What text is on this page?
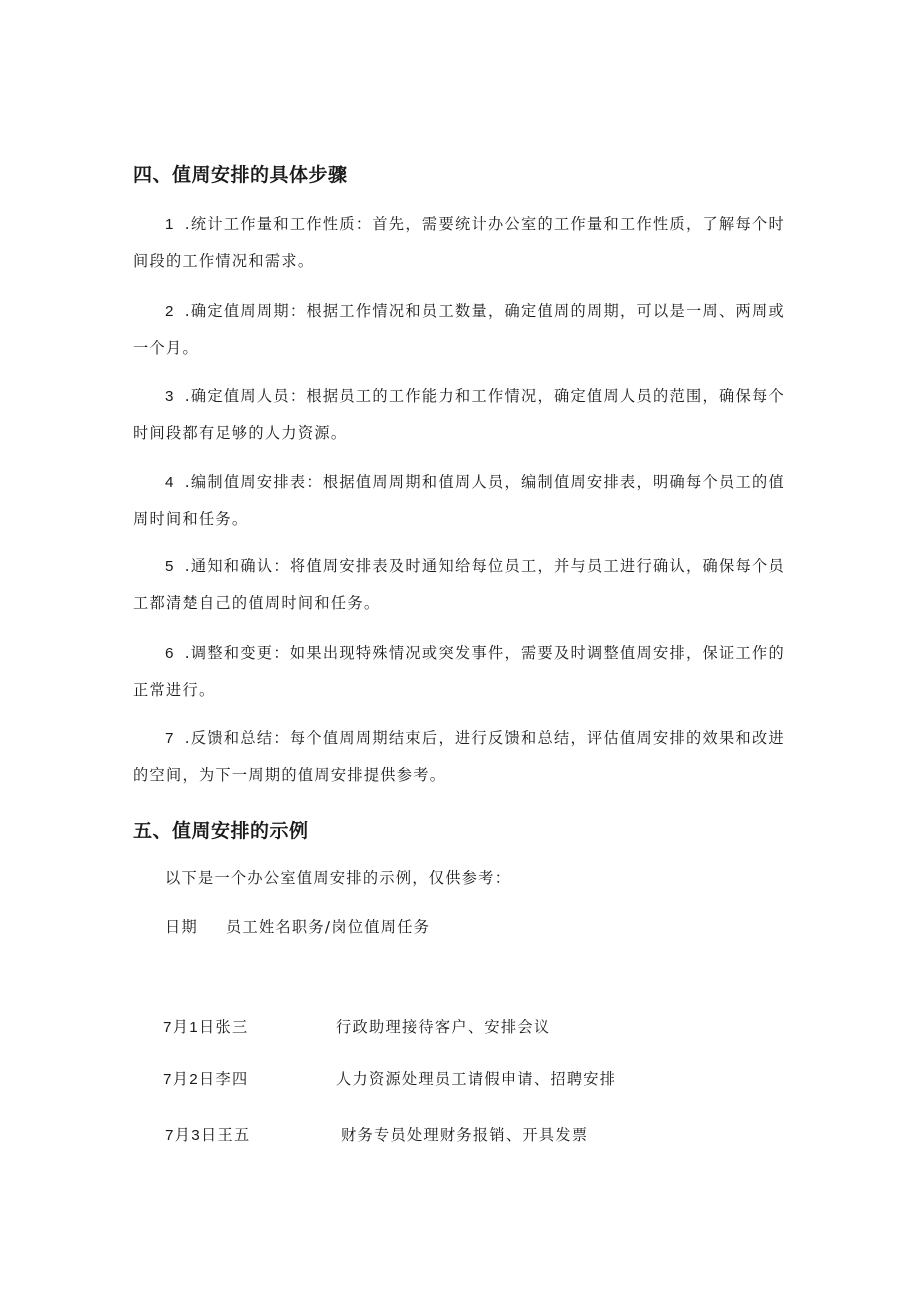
四、值周安排的具体步骤
1 .统计工作量和工作性质：首先，需要统计办公室的工作量和工作性质，了解每个时间段的工作情况和需求。
2 .确定值周周期：根据工作情况和员工数量，确定值周的周期，可以是一周、两周或一个月。
3 .确定值周人员：根据员工的工作能力和工作情况，确定值周人员的范围，确保每个时间段都有足够的人力资源。
4 .编制值周安排表：根据值周周期和值周人员，编制值周安排表，明确每个员工的值周时间和任务。
5 .通知和确认：将值周安排表及时通知给每位员工，并与员工进行确认，确保每个员工都清楚自己的值周时间和任务。
6 .调整和变更：如果出现特殊情况或突发事件，需要及时调整值周安排，保证工作的正常进行。
7 .反馈和总结：每个值周周期结束后，进行反馈和总结，评估值周安排的效果和改进的空间，为下一周期的值周安排提供参考。
五、值周安排的示例
以下是一个办公室值周安排的示例，仅供参考：
日期 员工姓名职务/岗位值周任务
7月1日张三	行政助理接待客户、安排会议
7月2日李四	人力资源处理员工请假申请、招聘安排
7月3日王五	财务专员处理财务报销、开具发票
